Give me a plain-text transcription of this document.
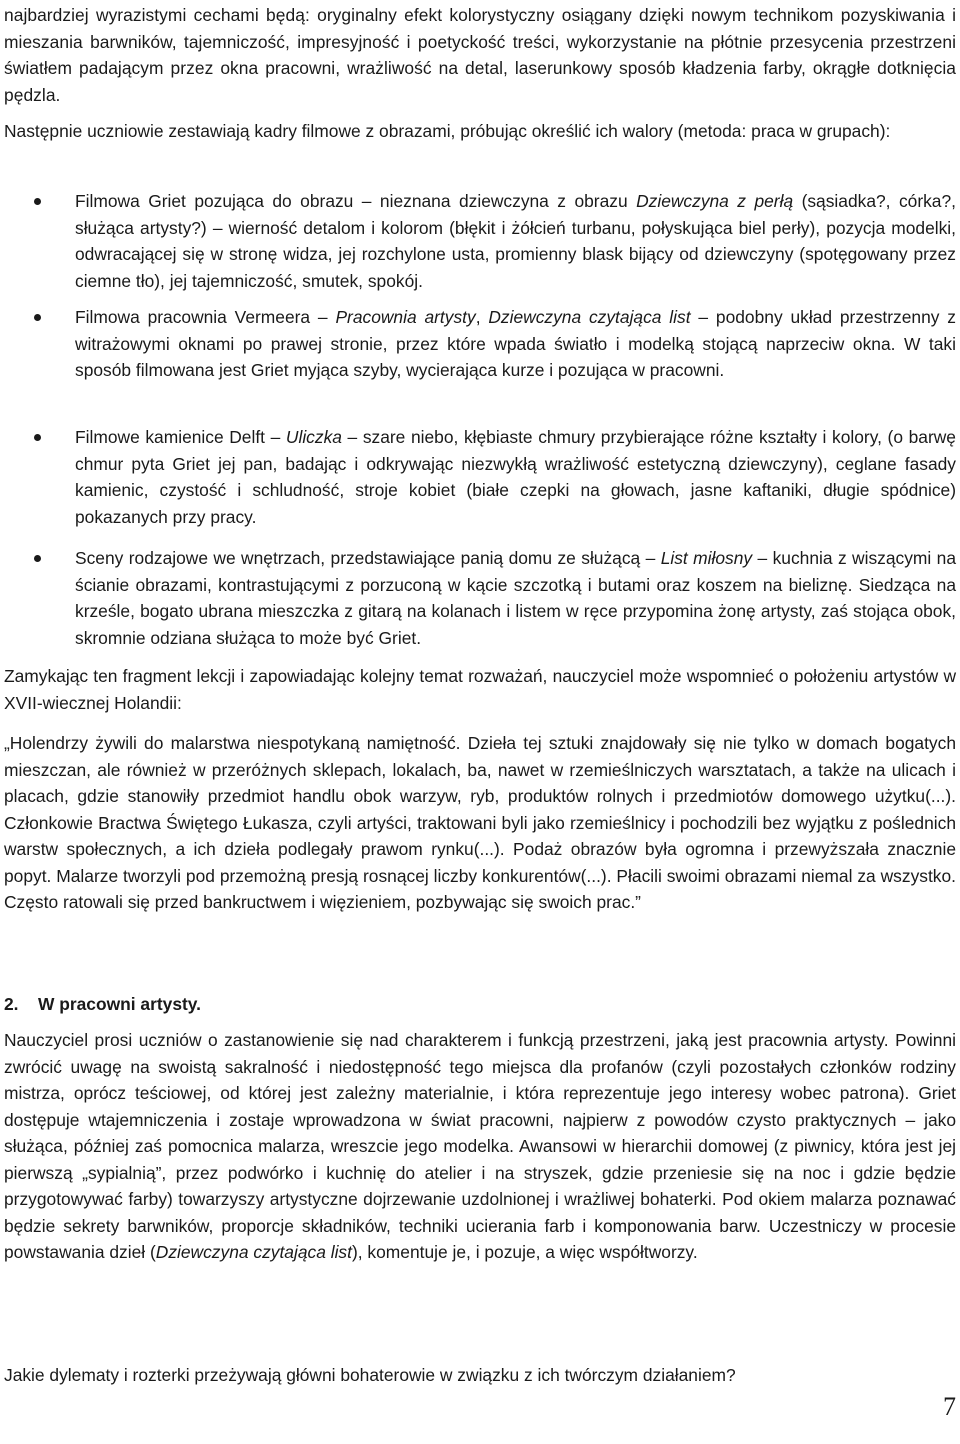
najbardziej wyrazistymi cechami będą: oryginalny efekt kolorystyczny osiągany dzięki nowym technikom pozyskiwania i mieszania barwników, tajemniczość, impresyjność i poetyckość treści, wykorzystanie na płótnie przesycenia przestrzeni światłem padającym przez okna pracowni, wrażliwość na detal, laserunkowy sposób kładzenia farby, okrągłe dotknięcia pędzla.

Następnie uczniowie zestawiają kadry filmowe z obrazami, próbując określić ich walory (metoda: praca w grupach):

Filmowa Griet pozująca do obrazu – nieznana dziewczyna z obrazu Dziewczyna z perłą (sąsiadka?, córka?, służąca artysty?) – wierność detalom i kolorom (błękit i żółcień turbanu, połyskująca biel perły), pozycja modelki, odwracającej się w stronę widza, jej rozchylone usta, promienny blask bijący od dziewczyny (spotęgowany przez ciemne tło), jej tajemniczość, smutek, spokój.

Filmowa pracownia Vermeera – Pracownia artysty, Dziewczyna czytająca list – podobny układ przestrzenny z witrażowymi oknami po prawej stronie, przez które wpada światło i modelką stojącą naprzeciw okna. W taki sposób filmowana jest Griet myjąca szyby, wycierająca kurze i pozująca w pracowni.

Filmowe kamienice Delft – Uliczka – szare niebo, kłębiaste chmury przybierające różne kształty i kolory, (o barwę chmur pyta Griet jej pan, badając i odkrywając niezwykłą wrażliwość estetyczną dziewczyny), ceglane fasady kamienic, czystość i schludność, stroje kobiet (białe czepki na głowach, jasne kaftaniki, długie spódnice) pokazanych przy pracy.

Sceny rodzajowe we wnętrzach, przedstawiające panią domu ze służącą – List miłosny – kuchnia z wiszącymi na ścianie obrazami, kontrastującymi z porzuconą w kącie szczotką i butami oraz koszem na bieliznę. Siedząca na krześle, bogato ubrana mieszczka z gitarą na kolanach i listem w ręce przypomina żonę artysty, zaś stojąca obok, skromnie odziana służąca to może być Griet.

Zamykając ten fragment lekcji i zapowiadając kolejny temat rozważań, nauczyciel może wspomnieć o położeniu artystów w XVII-wiecznej Holandii:

„Holendrzy żywili do malarstwa niespotykaną namiętność. Dzieła tej sztuki znajdowały się nie tylko w domach bogatych mieszczan, ale również w przeróżnych sklepach, lokalach, ba, nawet w rzemieślniczych warsztatach, a także na ulicach i placach, gdzie stanowiły przedmiot handlu obok warzyw, ryb, produktów rolnych i przedmiotów domowego użytku(...). Członkowie Bractwa Świętego Łukasza, czyli artyści, traktowani byli jako rzemieślnicy i pochodzili bez wyjątku z poślednich warstw społecznych, a ich dzieła podlegały prawom rynku(...). Podaż obrazów była ogromna i przewyższała znacznie popyt. Malarze tworzyli pod przemożną presją rosnącej liczby konkurentów(...). Płacili swoimi obrazami niemal za wszystko. Często ratowali się przed bankructwem i więzieniem, pozbywając się swoich prac.”

2. W pracowni artysty.

Nauczyciel prosi uczniów o zastanowienie się nad charakterem i funkcją przestrzeni, jaką jest pracownia artysty. Powinni zwrócić uwagę na swoistą sakralność i niedostępność tego miejsca dla profanów (czyli pozostałych członków rodziny mistrza, oprócz teściowej, od której jest zależny materialnie, i która reprezentuje jego interesy wobec patrona). Griet dostępuje wtajemniczenia i zostaje wprowadzona w świat pracowni, najpierw z powodów czysto praktycznych – jako służąca, później zaś pomocnica malarza, wreszcie jego modelka. Awansowi w hierarchii domowej (z piwnicy, która jest jej pierwszą „sypialnią”, przez podwórko i kuchnię do atelier i na stryszek, gdzie przeniesie się na noc i gdzie będzie przygotowywać farby) towarzyszy artystyczne dojrzewanie uzdolnionej i wrażliwej bohaterki. Pod okiem malarza poznawać będzie sekrety barwników, proporcje składników, techniki ucierania farb i komponowania barw. Uczestniczy w procesie powstawania dzieł (Dziewczyna czytająca list), komentuje je, i pozuje, a więc współtworzy.

Jakie dylematy i rozterki przeżywają główni bohaterowie w związku z ich twórczym działaniem?

7
